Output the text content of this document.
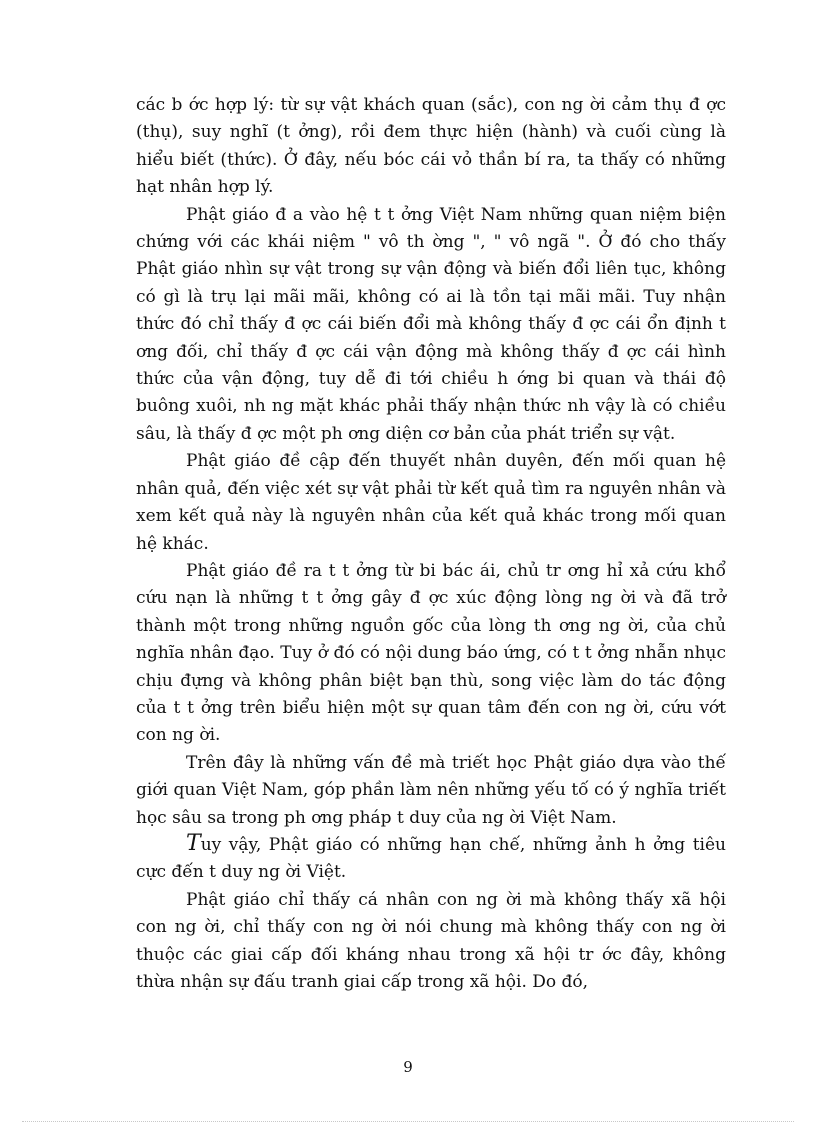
các b ớc hợp lý: từ sự vật khách quan (sắc), con ng ời cảm thụ đ ợc (thụ), suy nghĩ (t ởng), rồi đem thực hiện (hành) và cuối cùng là hiểu biết (thức). Ở đây, nếu bóc cái vỏ thần bí ra, ta thấy có những hạt nhân hợp lý.

Phật giáo đ a vào hệ t t ởng Việt Nam những quan niệm biện chứng với các khái niệm " vô th ờng ", " vô ngã ". Ở đó cho thấy Phật giáo nhìn sự vật trong sự vận động và biến đổi liên tục, không có gì là trụ lại mãi mãi, không có ai là tồn tại mãi mãi. Tuy nhận thức đó chỉ thấy đ ợc cái biến đổi mà không thấy đ ợc cái ổn định t ơng đối, chỉ thấy đ ợc cái vận động mà không thấy đ ợc cái hình thức của vận động, tuy dễ đi tới chiều h ớng bi quan và thái độ buông xuôi, nh ng mặt khác phải thấy nhận thức nh vậy là có chiều sâu, là thấy đ ợc một ph ơng diện cơ bản của phát triển sự vật.

Phật giáo đề cập đến thuyết nhân duyên, đến mối quan hệ nhân quả, đến việc xét sự vật phải từ kết quả tìm ra nguyên nhân và xem kết quả này là nguyên nhân của kết quả khác trong mối quan hệ khác.

Phật giáo đề ra t t ởng từ bi bác ái, chủ tr ơng hỉ xả cứu khổ cứu nạn là những t t ởng gây đ ợc xúc động lòng ng ời và đã trở thành một trong những nguồn gốc của lòng th ơng ng ời, của chủ nghĩa nhân đạo. Tuy ở đó có nội dung báo ứng, có t t ởng nhẫn nhục chịu đựng và không phân biệt bạn thù, song việc làm do tác động của t t ởng trên biểu hiện một sự quan tâm đến con ng ời, cứu vớt con ng ời.

Trên đây là những vấn đề mà triết học Phật giáo dựa vào thế giới quan Việt Nam, góp phần làm nên những yếu tố có ý nghĩa triết học sâu sa trong ph ơng pháp t duy của ng ời Việt Nam.

Tuy vậy, Phật giáo có những hạn chế, những ảnh h ởng tiêu cực đến t duy ng ời Việt.

Phật giáo chỉ thấy cá nhân con ng ời mà không thấy xã hội con ng ời, chỉ thấy con ng ời nói chung mà không thấy con ng ời thuộc các giai cấp đối kháng nhau trong xã hội tr ớc đây, không thừa nhận sự đấu tranh giai cấp trong xã hội. Do đó,

9
